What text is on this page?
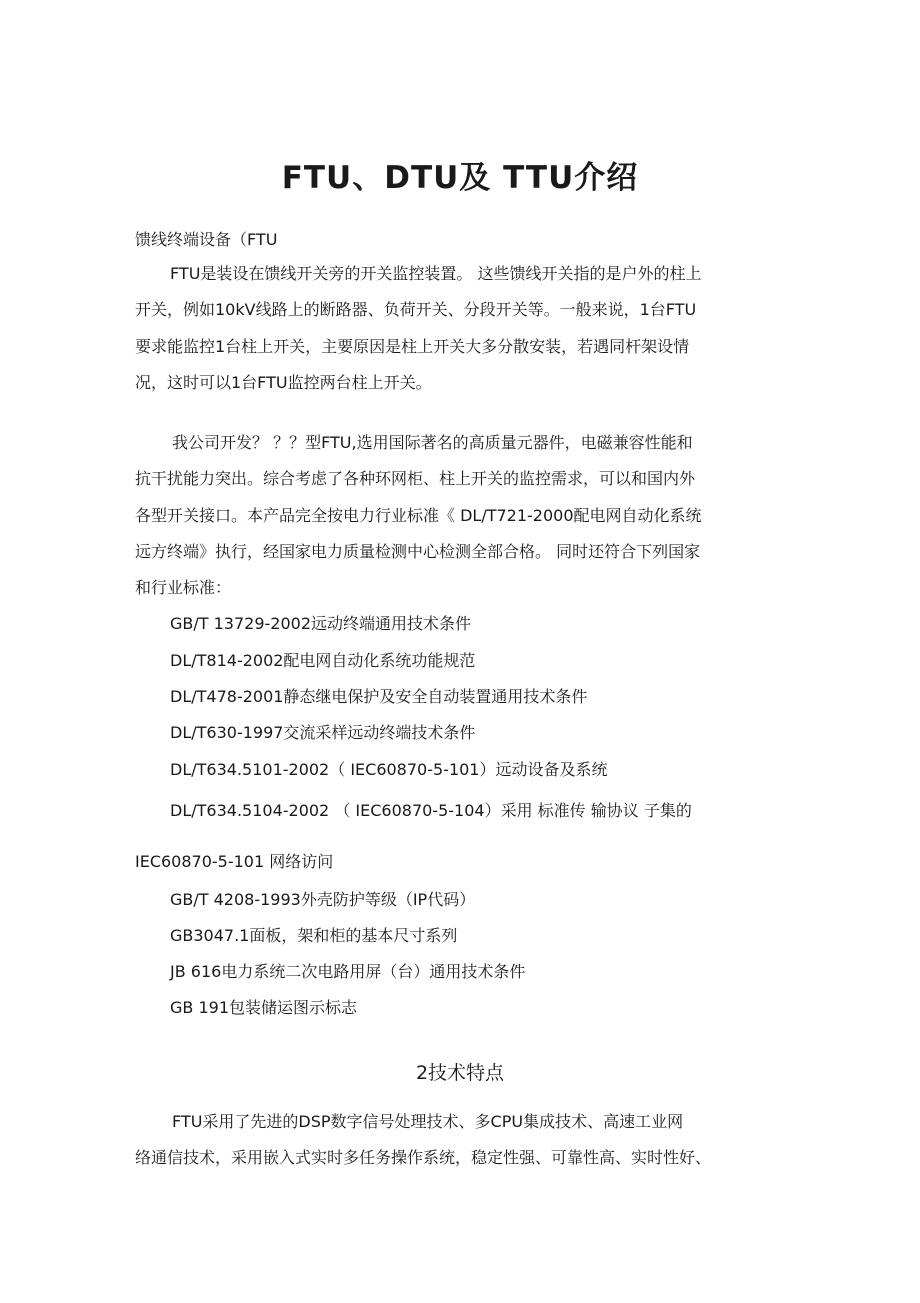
FTU、DTU及 TTU介绍
馈线终端设备（FTU
FTU是装设在馈线开关旁的开关监控装置。 这些馈线开关指的是户外的柱上
开关，例如10kV线路上的断路器、负荷开关、分段开关等。一般来说，1台FTU
要求能监控1台柱上开关，主要原因是柱上开关大多分散安装，若遇同杆架设情
况，这时可以1台FTU监控两台柱上开关。
我公司开发？ ？？型FTU,选用国际著名的高质量元器件，电磁兼容性能和
抗干扰能力突出。综合考虑了各种环网柜、柱上开关的监控需求，可以和国内外
各型开关接口。本产品完全按电力行业标准《 DL/T721-2000配电网自动化系统
远方终端》执行，经国家电力质量检测中心检测全部合格。 同时还符合下列国家
和行业标准：
GB/T 13729-2002远动终端通用技术条件
DL/T814-2002配电网自动化系统功能规范
DL/T478-2001静态继电保护及安全自动装置通用技术条件
DL/T630-1997交流采样远动终端技术条件
DL/T634.5101-2002（ IEC60870-5-101）远动设备及系统
DL/T634.5104-2002 （ IEC60870-5-104）采用 标准传 输协议 子集的
IEC60870-5-101 网络访问
GB/T 4208-1993外壳防护等级（IP代码）
GB3047.1面板，架和柜的基本尺寸系列
JB 616电力系统二次电路用屏（台）通用技术条件
GB 191包装储运图示标志
2技术特点
FTU采用了先进的DSP数字信号处理技术、多CPU集成技术、高速工业网
络通信技术，采用嵌入式实时多任务操作系统，稳定性强、可靠性高、实时性好、
